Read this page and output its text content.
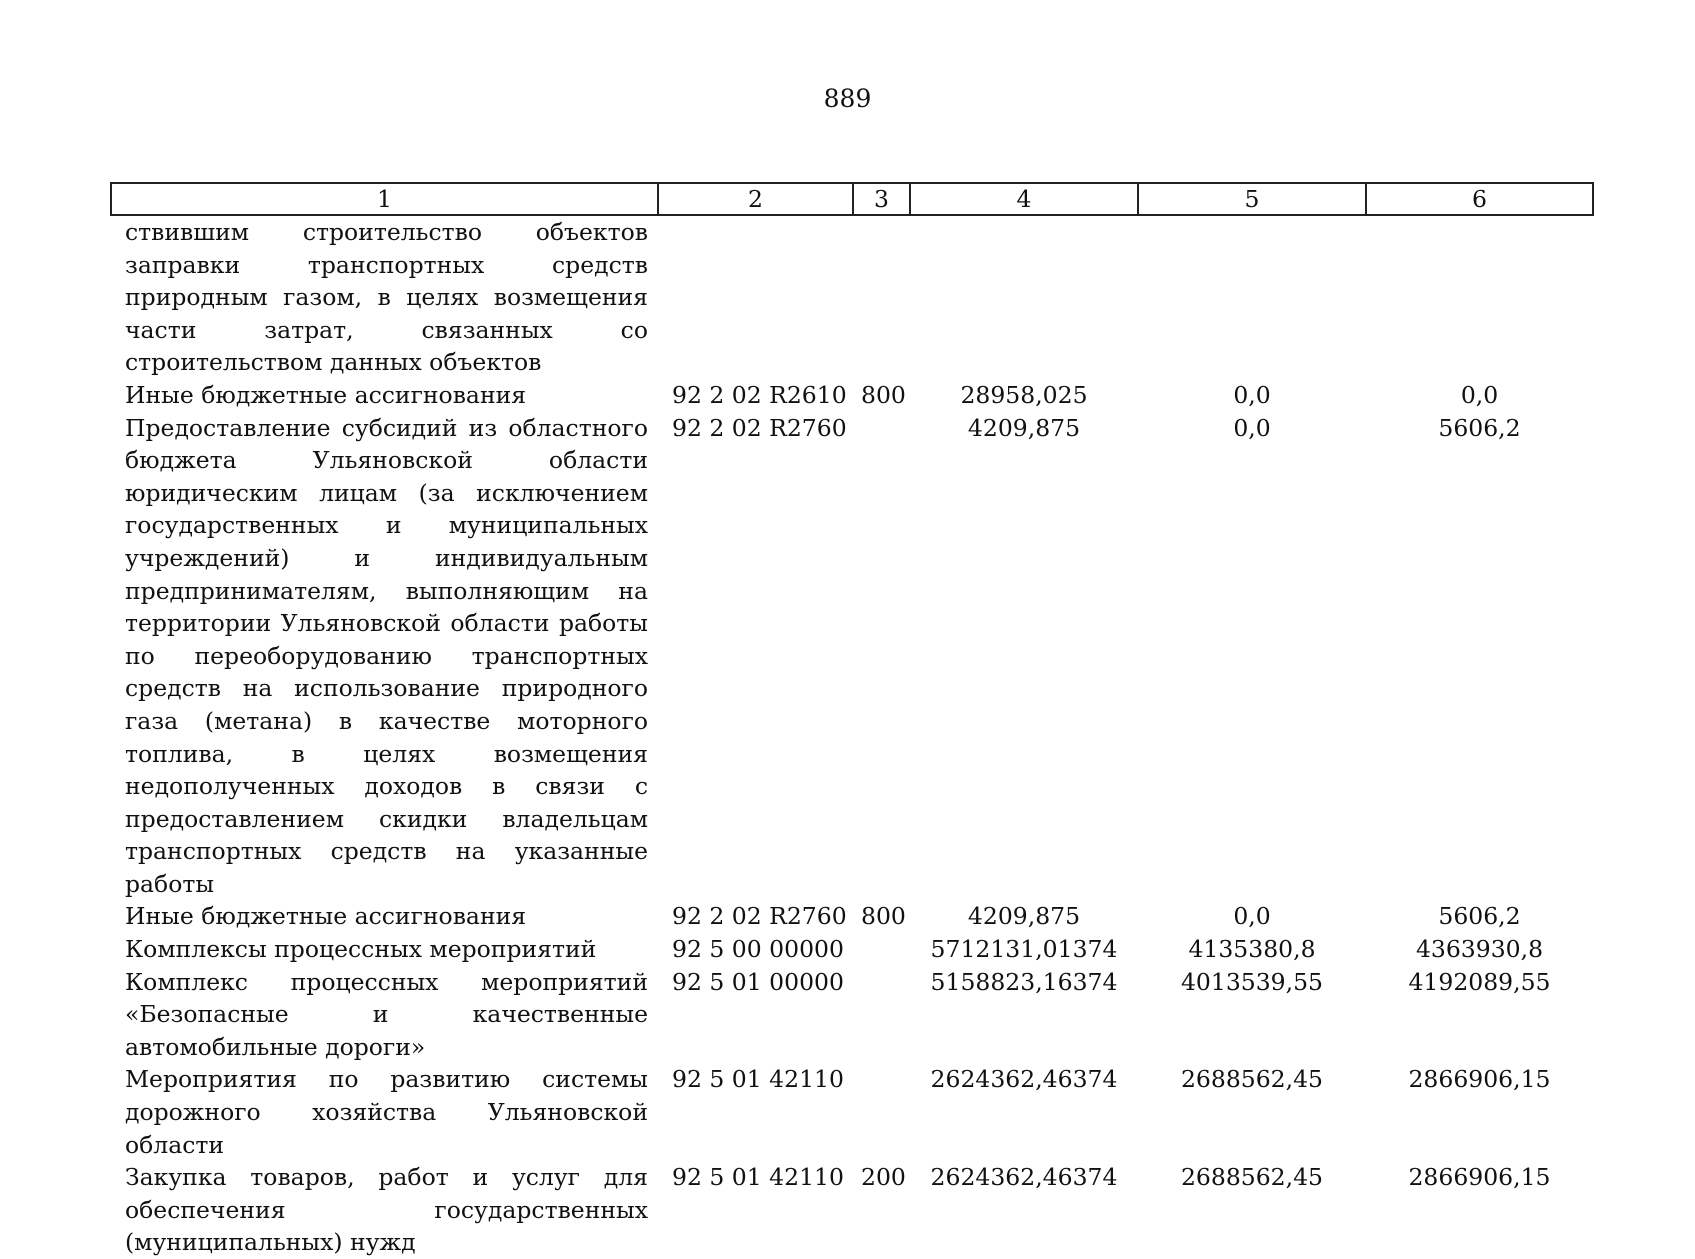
889
1	2	3	4	5	6
ствившим строительство объектов заправки транспортных средств природным газом, в целях возмещения части затрат, связанных со строительством данных объектов					
Иные бюджетные ассигнования	92 2 02 R2610	800	28958,025	0,0	0,0
Предоставление субсидий из областного бюджета Ульяновской области юридическим лицам (за исключением государственных и муниципальных учреждений) и индивидуальным предпринимателям, выполняющим на территории Ульяновской области работы по переоборудованию транспортных средств на использование природного газа (метана) в качестве моторного топлива, в целях возмещения недополученных доходов в связи с предоставлением скидки владельцам транспортных средств на указанные работы	92 2 02 R2760		4209,875	0,0	5606,2
Иные бюджетные ассигнования	92 2 02 R2760	800	4209,875	0,0	5606,2
Комплексы процессных мероприятий	92 5 00 00000		5712131,01374	4135380,8	4363930,8
Комплекс процессных мероприятий «Безопасные и качественные автомобильные дороги»	92 5 01 00000		5158823,16374	4013539,55	4192089,55
Мероприятия по развитию системы дорожного хозяйства Ульяновской области	92 5 01 42110		2624362,46374	2688562,45	2866906,15
Закупка товаров, работ и услуг для обеспечения государственных (муниципальных) нужд	92 5 01 42110	200	2624362,46374	2688562,45	2866906,15
